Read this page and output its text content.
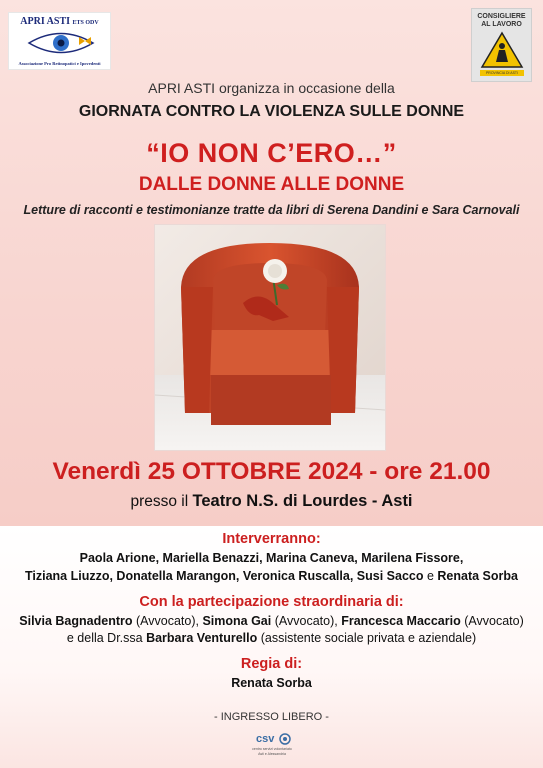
APRI ASTI ETS ODV
Associazione Pro Retinopatici e Ipovedenti
CONSIGLIERE
AL LAVORO
PROVINCIA DI ASTI
APRI ASTI organizza in occasione della
GIORNATA CONTRO LA VIOLENZA SULLE DONNE
“IO NON C’ERO…”
DALLE DONNE ALLE DONNE
Letture di racconti e testimonianze tratte da libri di Serena Dandini e Sara Carnovali
Venerdì 25 OTTOBRE 2024 - ore 21.00
presso il Teatro N.S. di Lourdes - Asti
Interverranno:
Paola Arione, Mariella Benazzi, Marina Caneva, Marilena Fissore,
Tiziana Liuzzo, Donatella Marangon, Veronica Ruscalla, Susi Sacco e Renata Sorba
Con la partecipazione straordinaria di:
Silvia Bagnadentro (Avvocato), Simona Gai (Avvocato), Francesca Maccario (Avvocato)
e della Dr.ssa Barbara Venturello (assistente sociale privata e aziendale)
Regia di:
Renata Sorba
- INGRESSO LIBERO -
csv
centro servizi volontariato
Asti e Alessandria
